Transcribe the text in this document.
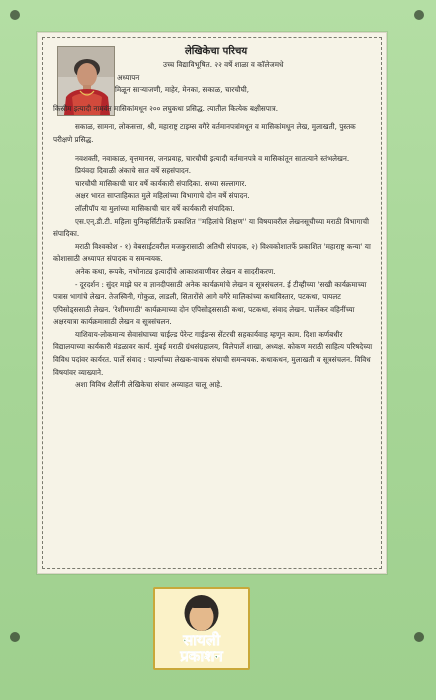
लेखिकेचा परिचय
उच्च विद्याविभूषित. २२ वर्षे शाळा व कॉलेजमधे
अध्यापन
मिळून साऱ्याजणी, माहेर, मेनका, सकाळ, चारचौघी,
किस्रीम इत्यादी नामवंत मासिकांमधून २०० लघुकथा प्रसिद्ध. त्यातील कित्येक बक्षीसपात्र.
सकाळ, सामना, लोकसत्ता, श्री, महाराष्ट्र टाइम्स वगैरे वर्तमानपत्रांमधून व मासिकांमधून लेख, मुलाखती, पुस्तक परीक्षणे प्रसिद्ध.
नवशक्ती, नवाकाळ, वृत्तमानस, जनप्रवाह, चारचौघी इत्यादी वर्तमानपत्रे व मासिकांतून सातत्याने स्तंभलेखन.
प्रियंवदा दिवाळी अंकाचे सात वर्षे सहसंपादन.
चारचौघी मासिकाची चार वर्षे कार्यकारी संपादिका. सध्या सल्लागार.
अक्षर भारत साप्ताहिकात मुले महिलांच्या विभागाचे दोन वर्षे संपादन.
लॉलीपॉप या मुलांच्या मासिकाची चार वर्षे कार्यकारी संपादिका.
एस.एन्.डी.टी. महिला युनिव्हर्सिटीतर्फे प्रकाशित ''महिलांचे शिक्षण'' या विषयावरील लेखनसूचीच्या मराठी विभागाची संपादिका.
मराठी विश्वकोश - १) वेबसाईटवरील मजकुरासाठी अतिथी संपादक, २) विश्वकोशातर्फे प्रकाशित 'महाराष्ट्र कन्या' या कोशासाठी अध्यापत संपादक व समन्वयक.
अनेक कथा, रूपके, नभोनाट्य इत्यादींचे आकाशवाणीवर लेखन व सादरीकरण.
- दूरदर्शन : सुंदर माझे घर व ज्ञानदीपसाठी अनेक कार्यक्रमांचे लेखन व सूत्रसंचलन. ई टीव्हीच्या 'सखी कार्यक्रमाच्या पत्रास भागांचे लेखन. तेजस्विनी, गोकुळ, लाडली, सितारोंसे आगे वगैरे मालिकांच्या कथाविस्तार, पटकथा, पायलट एपिसोड्ससाठी लेखन. 'रेशीमगाठी' कार्यक्रमाच्या दोन एपिसोड्ससाठी कथा, पटकथा, संवाद लेखन. पार्लेकर वहिनींच्या अक्षरयात्रा कार्यक्रमासाठी लेखन व सूत्रसंचलन.
याशिवाय-लोकमान्य सेवासंघाच्या चाईल्ड पेरेन्ट गाईडन्स सेंटरची सहकार्यवाह म्हणून काम. दिशा कर्णबधीर विद्यालयाच्या कार्यकारी मंडळावर कार्य. मुंबई मराठी ग्रंथसंग्रहालय, विलेपार्ले शाखा, अध्यक्ष. कोकण मराठी साहित्य परिषदेच्या विविध पदांवर कार्यरत. पार्ले संवाद : पार्ल्याच्या लेखक-वाचक संघाची समन्वयक. कथाकथन, मुलाखती व सूत्रसंचलन. विविध विषयांवर व्याख्याने.
अशा विविध शैलींनी लेखिकेचा संचार अव्याहत चालू आहे.
सायली
प्रकाशन
